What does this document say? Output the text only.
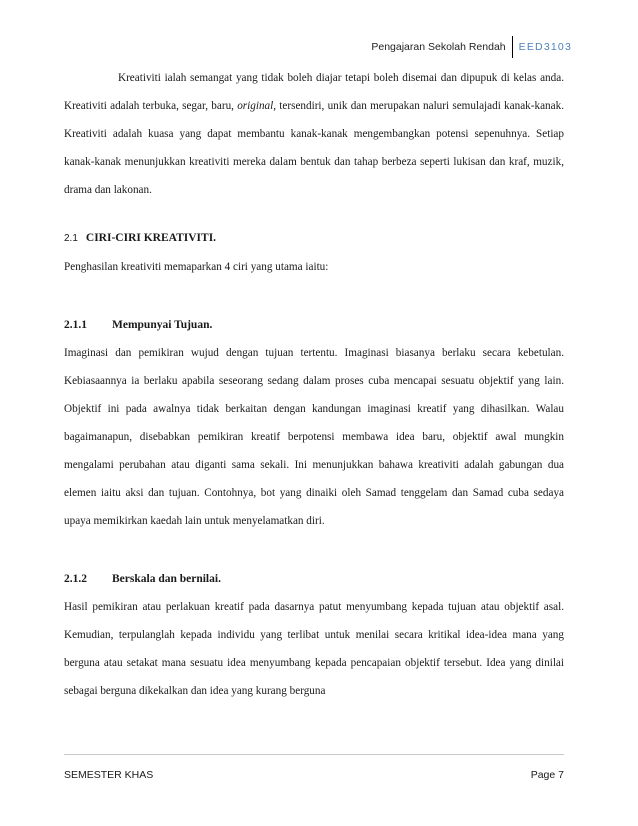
Pengajaran Sekolah Rendah	EED3103

Kreativiti ialah semangat yang tidak boleh diajar tetapi boleh disemai dan dipupuk di kelas anda. Kreativiti adalah terbuka, segar, baru, original, tersendiri, unik dan merupakan naluri semulajadi kanak-kanak. Kreativiti adalah kuasa yang dapat membantu kanak-kanak mengembangkan potensi sepenuhnya. Setiap kanak-kanak menunjukkan kreativiti mereka dalam bentuk dan tahap berbeza seperti lukisan dan kraf, muzik, drama dan lakonan.

2.1 CIRI-CIRI KREATIVITI.

Penghasilan kreativiti memaparkan 4 ciri yang utama iaitu:

2.1.1 Mempunyai Tujuan.

Imaginasi dan pemikiran wujud dengan tujuan tertentu. Imaginasi biasanya berlaku secara kebetulan. Kebiasaannya ia berlaku apabila seseorang sedang dalam proses cuba mencapai sesuatu objektif yang lain. Objektif ini pada awalnya tidak berkaitan dengan kandungan imaginasi kreatif yang dihasilkan. Walau bagaimanapun, disebabkan pemikiran kreatif berpotensi membawa idea baru, objektif awal mungkin mengalami perubahan atau diganti sama sekali. Ini menunjukkan bahawa kreativiti adalah gabungan dua elemen iaitu aksi dan tujuan. Contohnya, bot yang dinaiki oleh Samad tenggelam dan Samad cuba sedaya upaya memikirkan kaedah lain untuk menyelamatkan diri.

2.1.2 Berskala dan bernilai.

Hasil pemikiran atau perlakuan kreatif pada dasarnya patut menyumbang kepada tujuan atau objektif asal. Kemudian, terpulanglah kepada individu yang terlibat untuk menilai secara kritikal idea-idea mana yang berguna atau setakat mana sesuatu idea menyumbang kepada pencapaian objektif tersebut. Idea yang dinilai sebagai berguna dikekalkan dan idea yang kurang berguna

SEMESTER KHAS	Page 7
